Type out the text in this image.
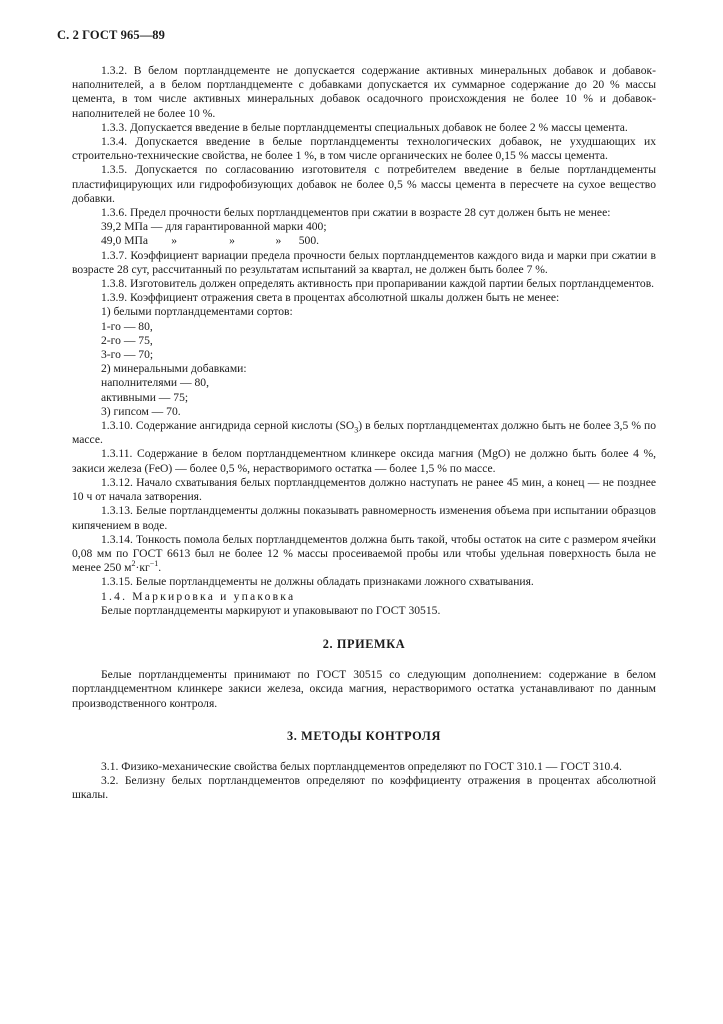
С. 2 ГОСТ 965—89

1.3.2. В белом портландцементе не допускается содержание активных минеральных добавок и добавок-наполнителей, а в белом портландцементе с добавками допускается их суммарное содержание до 20 % массы цемента, в том числе активных минеральных добавок осадочного происхождения не более 10 % и добавок-наполнителей не более 10 %.

1.3.3. Допускается введение в белые портландцементы специальных добавок не более 2 % массы цемента.

1.3.4. Допускается введение в белые портландцементы технологических добавок, не ухудшающих их строительно-технические свойства, не более 1 %, в том числе органических не более 0,15 % массы цемента.

1.3.5. Допускается по согласованию изготовителя с потребителем введение в белые портландцементы пластифицирующих или гидрофобизующих добавок не более 0,5 % массы цемента в пересчете на сухое вещество добавки.

1.3.6. Предел прочности белых портландцементов при сжатии в возрасте 28 сут должен быть не менее:

39,2 МПа — для гарантированной марки 400;

49,0 МПа        »                  »              »      500.

1.3.7. Коэффициент вариации предела прочности белых портландцементов каждого вида и марки при сжатии в возрасте 28 сут, рассчитанный по результатам испытаний за квартал, не должен быть более 7 %.

1.3.8. Изготовитель должен определять активность при пропаривании каждой партии белых портландцементов.

1.3.9. Коэффициент отражения света в процентах абсолютной шкалы должен быть не менее:

1) белыми портландцементами сортов:

1-го — 80,

2-го — 75,

3-го — 70;

2) минеральными добавками:

наполнителями — 80,

активными — 75;

3) гипсом — 70.

1.3.10. Содержание ангидрида серной кислоты $(SO_3)$ в белых портландцементах должно быть не более 3,5 % по массе.

1.3.11. Содержание в белом портландцементном клинкере оксида магния (MgO) не должно быть более 4 %, закиси железа (FeO) — более 0,5 %, нерастворимого остатка — более 1,5 % по массе.

1.3.12. Начало схватывания белых портландцементов должно наступать не ранее 45 мин, а конец — не позднее 10 ч от начала затворения.

1.3.13. Белые портландцементы должны показывать равномерность изменения объема при испытании образцов кипячением в воде.

1.3.14. Тонкость помола белых портландцементов должна быть такой, чтобы остаток на сите с размером ячейки 0,08 мм по ГОСТ 6613 был не более 12 % массы просеиваемой пробы или чтобы удельная поверхность была не менее 250 $м^2\cdot кг^{-1}$.

1.3.15. Белые портландцементы не должны обладать признаками ложного схватывания.

1.4. Маркировка и упаковка

Белые портландцементы маркируют и упаковывают по ГОСТ 30515.

2. ПРИЕМКА

Белые портландцементы принимают по ГОСТ 30515 со следующим дополнением: содержание в белом портландцементном клинкере закиси железа, оксида магния, нерастворимого остатка устанавливают по данным производственного контроля.

3. МЕТОДЫ КОНТРОЛЯ

3.1. Физико-механические свойства белых портландцементов определяют по ГОСТ 310.1 — ГОСТ 310.4.

3.2. Белизну белых портландцементов определяют по коэффициенту отражения в процентах абсолютной шкалы.
